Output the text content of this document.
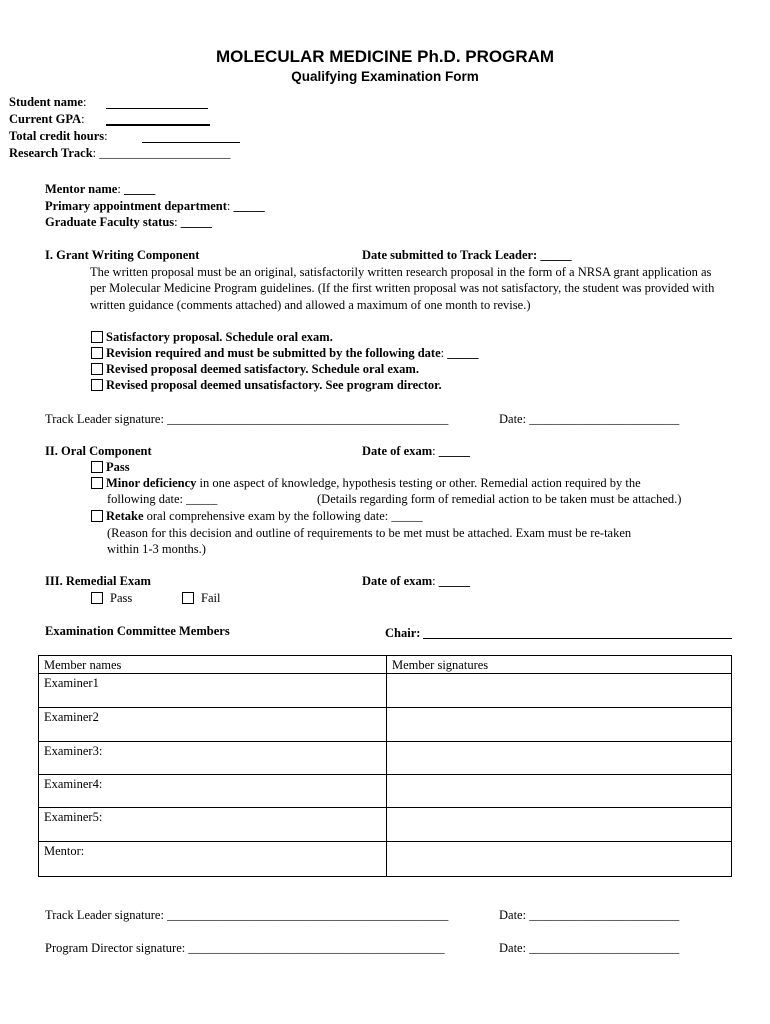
MOLECULAR MEDICINE Ph.D. PROGRAM
Qualifying Examination Form
Student name:
Current GPA:
Total credit hours:
Research Track: _____________________
Mentor name: _____
Primary appointment department: _____
Graduate Faculty status: _____
I. Grant Writing Component	Date submitted to Track Leader: _____
The written proposal must be an original, satisfactorily written research proposal in the form of a NRSA grant application as per Molecular Medicine Program guidelines. (If the first written proposal was not satisfactory, the student was provided with written guidance (comments attached) and allowed a maximum of one month to revise.)
Satisfactory proposal. Schedule oral exam.
Revision required and must be submitted by the following date: _____
Revised proposal deemed satisfactory. Schedule oral exam.
Revised proposal deemed unsatisfactory. See program director.
Track Leader signature: _____________________________________________	Date: ________________________
II. Oral Component	Date of exam: _____
Pass
Minor deficiency in one aspect of knowledge, hypothesis testing or other. Remedial action required by the
following date: _____	(Details regarding form of remedial action to be taken must be attached.)
Retake oral comprehensive exam by the following date: _____
(Reason for this decision and outline of requirements to be met must be attached. Exam must be re-taken
within 1-3 months.)
III. Remedial Exam	Date of exam: _____
Pass	Fail
Examination Committee Members	Chair:
Member names	Member signatures
Examiner1	
Examiner2	
Examiner3:	
Examiner4:	
Examiner5:	
Mentor:	
Track Leader signature: _____________________________________________	Date: ________________________
Program Director signature: _________________________________________	Date: ________________________
